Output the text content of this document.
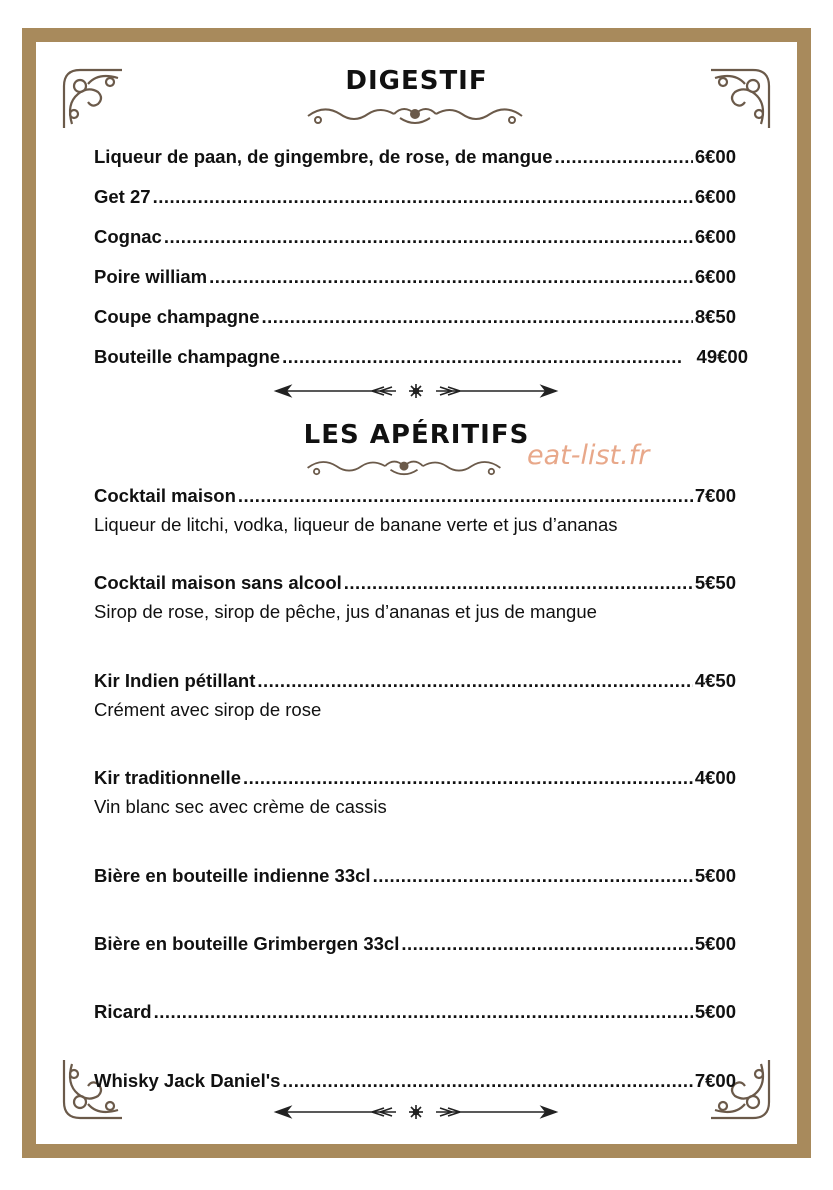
DIGESTIF
Liqueur de paan, de gingembre, de rose, de mangue .....	6€00
Get 27 .....	6€00
Cognac .....	6€00
Poire william .....	6€00
Coupe champagne .....	8€50
Bouteille champagne .....	49€00
LES APÉRITIFS
eat-list.fr
Cocktail maison .....	7€00
Liqueur de litchi, vodka, liqueur de banane verte et jus d’ananas
Cocktail maison sans alcool .....	5€50
Sirop de rose, sirop de pêche, jus d’ananas et jus de mangue
Kir Indien pétillant .....	4€50
Crément avec sirop de rose
Kir traditionnelle .....	4€00
Vin blanc sec avec crème de cassis
Bière en bouteille indienne 33cl .....	5€00
Bière en bouteille Grimbergen 33cl .....	5€00
Ricard .....	5€00
Whisky Jack Daniel's .....	7€00
